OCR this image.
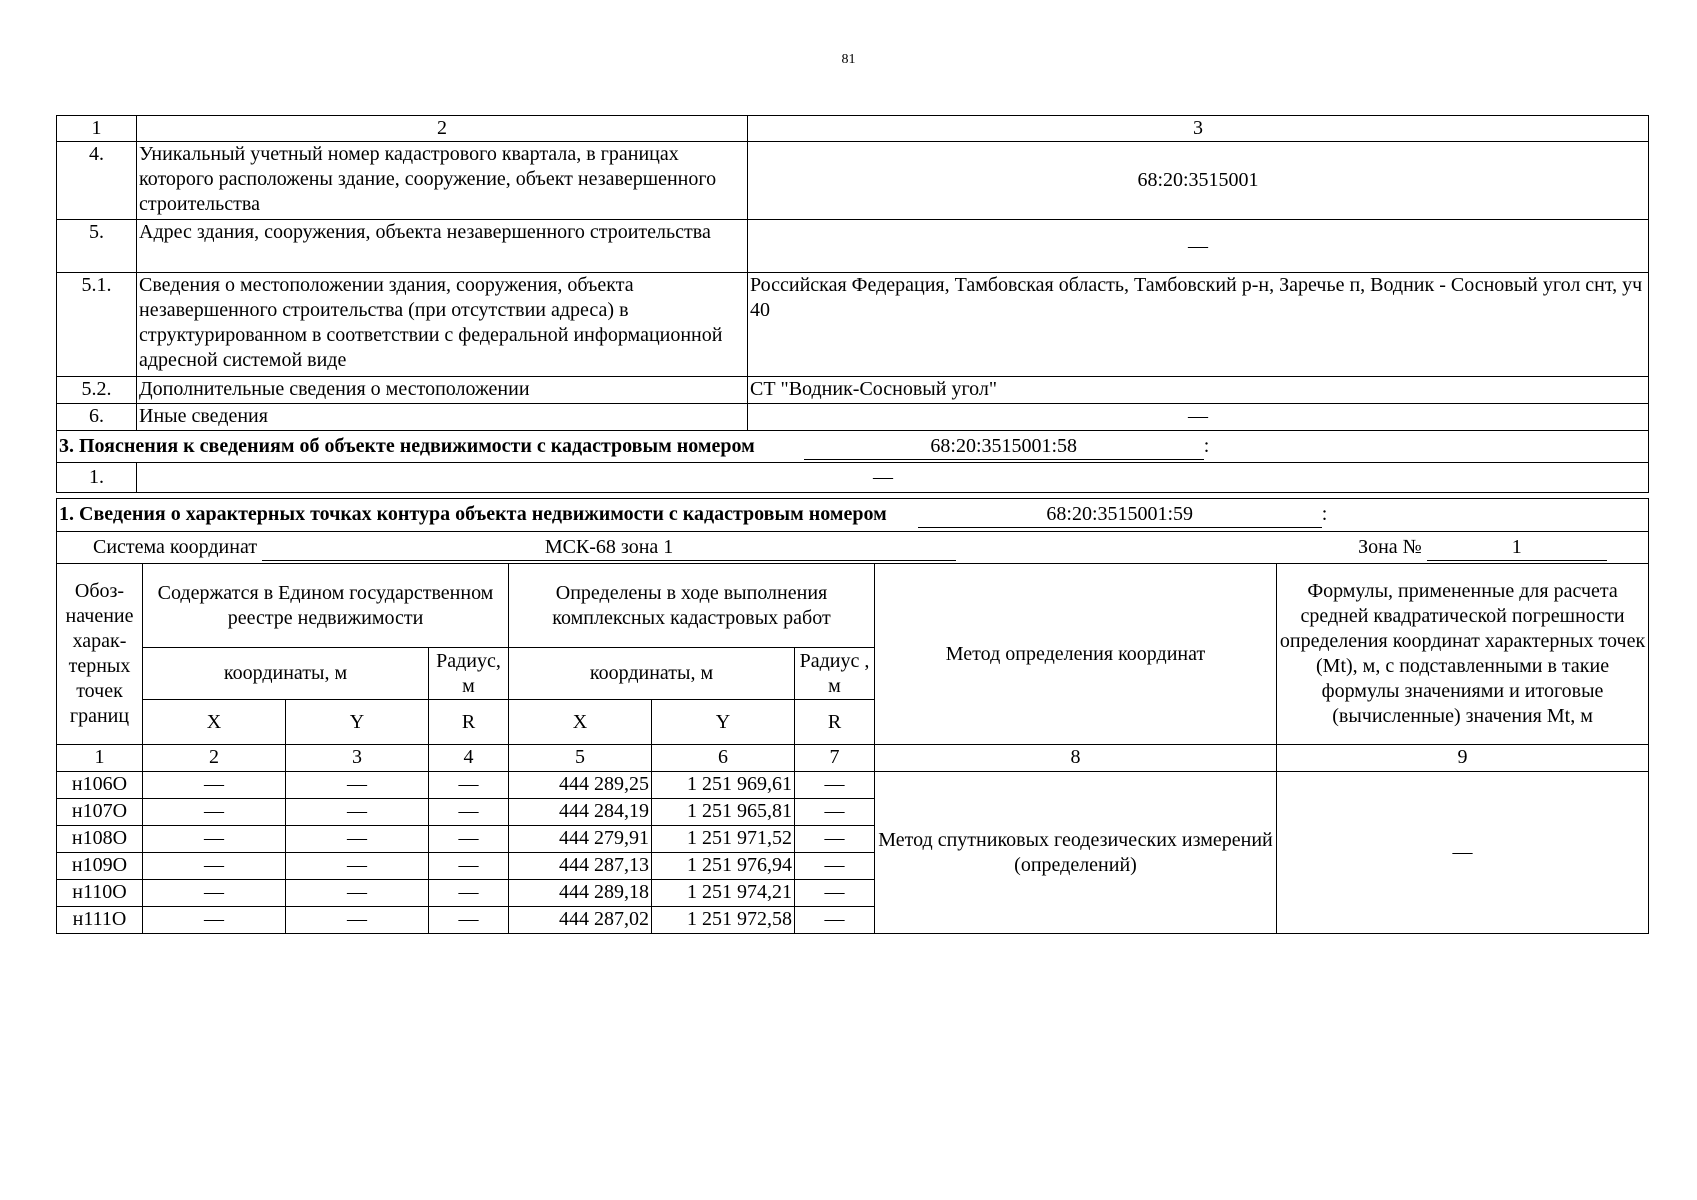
81
1	2	3
4.	Уникальный учетный номер кадастрового квартала, в границах которого расположены здание, сооружение, объект незавершенного строительства	68:20:3515001
5.	Адрес здания, сооружения, объекта незавершенного строительства	—
5.1.	Сведения о местоположении здания, сооружения, объекта незавершенного строительства (при отсутствии адреса) в структурированном в соответствии с федеральной информационной адресной системой виде	Российская Федерация, Тамбовская область, Тамбовский р-н, Заречье п, Водник - Сосновый угол снт, уч 40
5.2.	Дополнительные сведения о местоположении	СТ "Водник-Сосновый угол"
6.	Иные сведения	—
3. Пояснения к сведениям об объекте недвижимости с кадастровым номером 68:20:3515001:58 :		
1.	—	
1. Сведения о характерных точках контура объекта недвижимости с кадастровым номером 68:20:3515001:59 :								
Система координат МСК-68 зона 1 Зона № 1								
Обоз- начение харак- терных точек границ	Содержатся в Едином государственном реестре недвижимости			Определены в ходе выполнения комплексных кадастровых работ			Метод определения координат	Формулы, примененные для расчета средней квадратической погрешности определения координат характерных точек (Mt), м, с подставленными в такие формулы значениями и итоговые (вычисленные) значения Mt, м
	координаты, м		Радиус, м	координаты, м		Радиус , м		
	X	Y	R	X	Y	R		
1	2	3	4	5	6	7	8	9
н106О	—	—	—	444 289,25	1 251 969,61	—	Метод спутниковых геодезических измерений (определений)	—
н107О	—	—	—	444 284,19	1 251 965,81	—		
н108О	—	—	—	444 279,91	1 251 971,52	—		
н109О	—	—	—	444 287,13	1 251 976,94	—		
н110О	—	—	—	444 289,18	1 251 974,21	—		
н111О	—	—	—	444 287,02	1 251 972,58	—		
